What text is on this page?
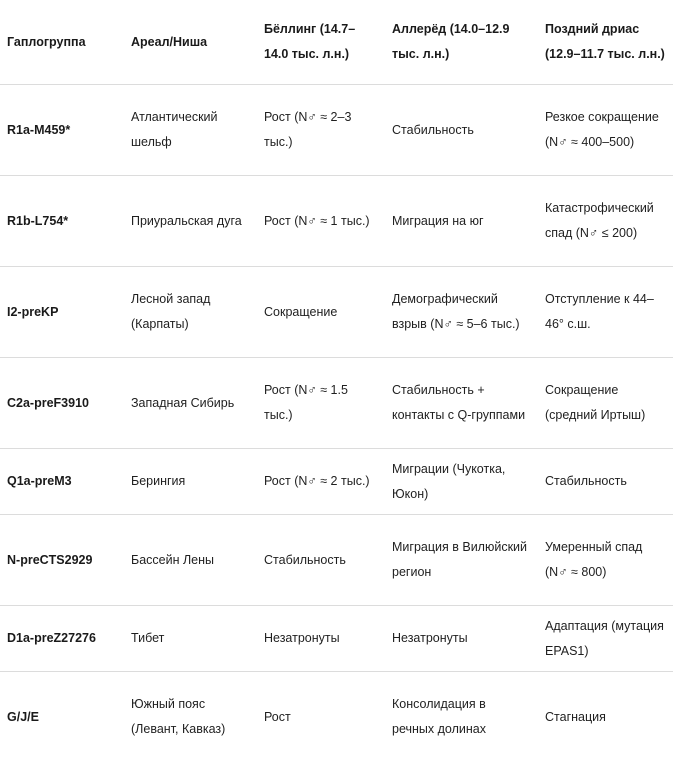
Гаплогруппа	Ареал/Ниша	Бёллинг (14.7–14.0 тыс. л.н.)	Аллерёд (14.0–12.9 тыс. л.н.)	Поздний дриас (12.9–11.7 тыс. л.н.)
R1a-M459*	Атлантический шельф	Рост (N♂ ≈ 2–3 тыс.)	Стабильность	Резкое сокращение (N♂ ≈ 400–500)
R1b-L754*	Приуральская дуга	Рост (N♂ ≈ 1 тыс.)	Миграция на юг	Катастрофический спад (N♂ ≤ 200)
I2-preKP	Лесной запад (Карпаты)	Сокращение	Демографический взрыв (N♂ ≈ 5–6 тыс.)	Отступление к 44–46° с.ш.
C2a-preF3910	Западная Сибирь	Рост (N♂ ≈ 1.5 тыс.)	Стабильность + контакты с Q-группами	Сокращение (средний Иртыш)
Q1a-preM3	Берингия	Рост (N♂ ≈ 2 тыс.)	Миграции (Чукотка, Юкон)	Стабильность
N-preCTS2929	Бассейн Лены	Стабильность	Миграция в Вилюйский регион	Умеренный спад (N♂ ≈ 800)
D1a-preZ27276	Тибет	Незатронуты	Незатронуты	Адаптация (мутация EPAS1)
G/J/E	Южный пояс (Левант, Кавказ)	Рост	Консолидация в речных долинах	Стагнация
